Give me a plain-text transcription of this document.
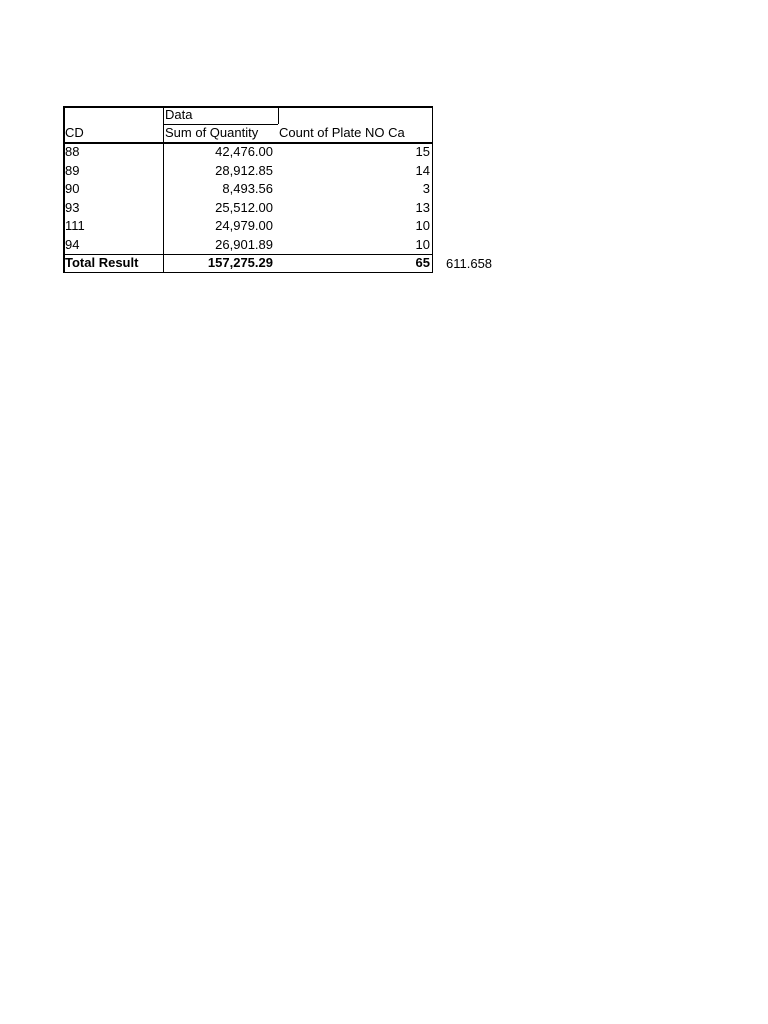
Data
CD	Sum of Quantity	Count of Plate NO Ca
88	42,476.00	15
89	28,912.85	14
90	8,493.56	3
93	25,512.00	13
111	24,979.00	10
94	26,901.89	10
Total Result	157,275.29	65 611.658
